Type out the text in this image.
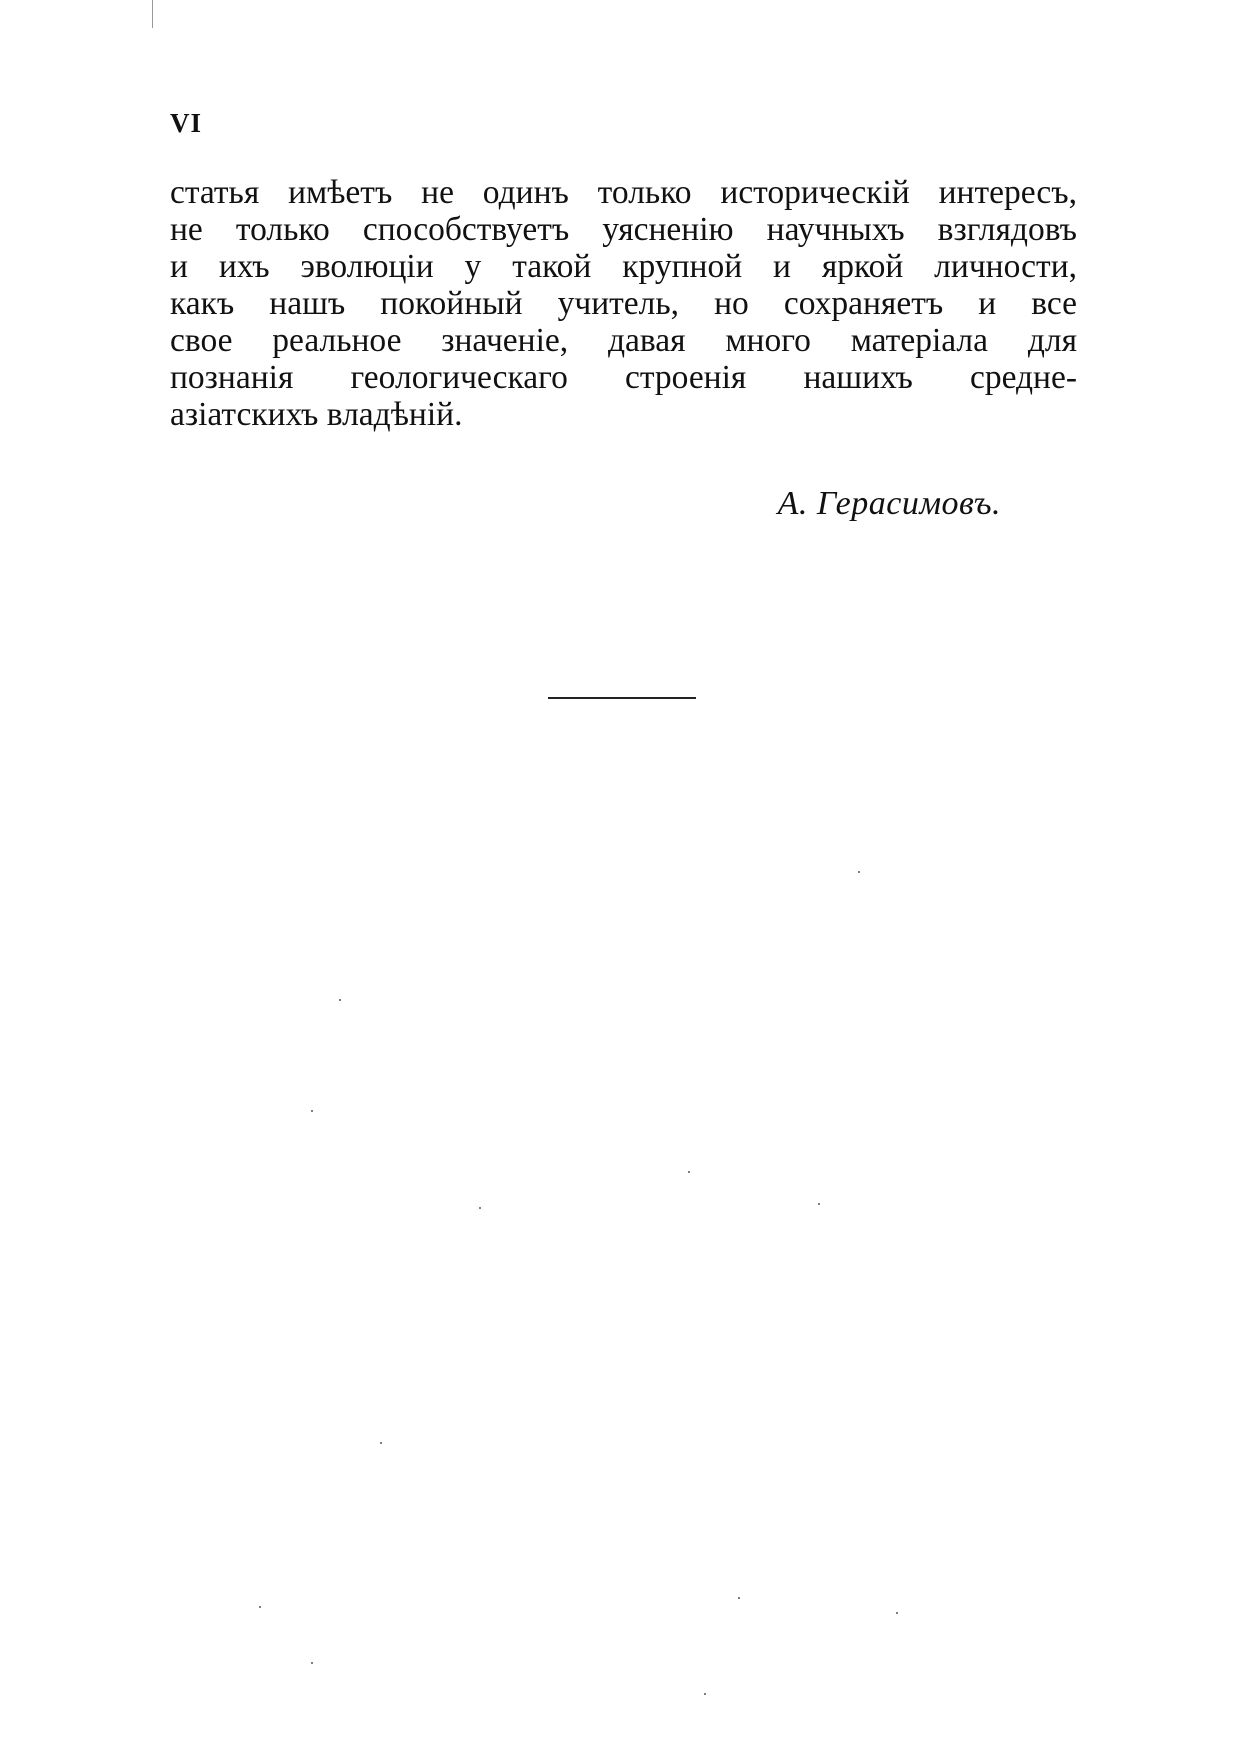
VI
статья имѣетъ не одинъ только историческій интересъ,
не только способствуетъ уясненію научныхъ взглядовъ
и ихъ эволюціи у такой крупной и яркой личности,
какъ нашъ покойный учитель, но сохраняетъ и все
свое реальное значеніе, давая много матеріала для
познанія геологическаго строенія нашихъ средне-
азіатскихъ владѣній.
А. Герасимовъ.
